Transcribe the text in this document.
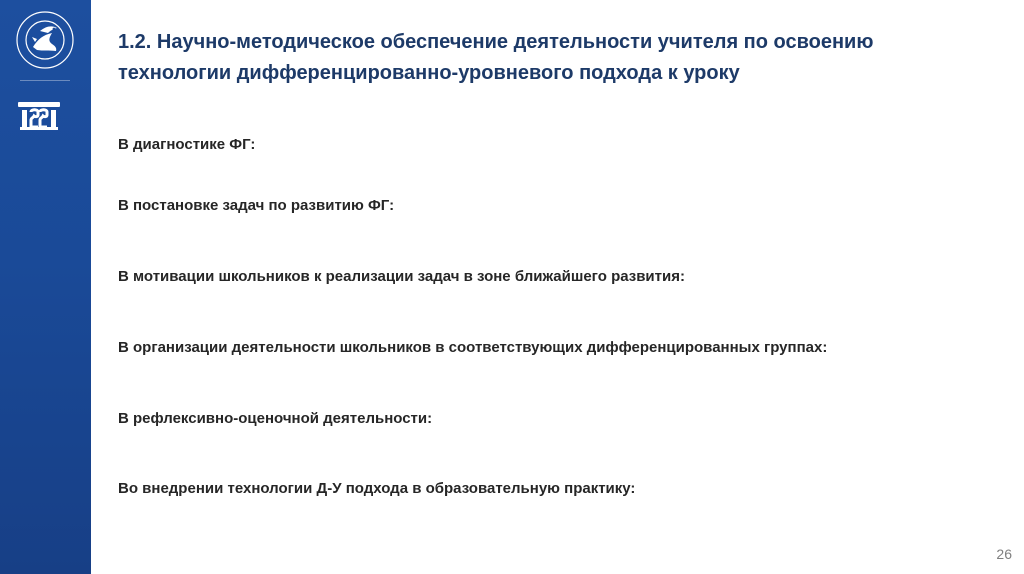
1.2. Научно-методическое обеспечение деятельности учителя по освоению технологии дифференцированно-уровневого подхода к уроку

В диагностике ФГ:

В постановке задач по развитию ФГ:

В мотивации школьников к реализации задач в зоне ближайшего развития:

В организации деятельности школьников в соответствующих дифференцированных группах:

В рефлексивно-оценочной деятельности:

Во внедрении технологии Д-У подхода в образовательную практику:

26
